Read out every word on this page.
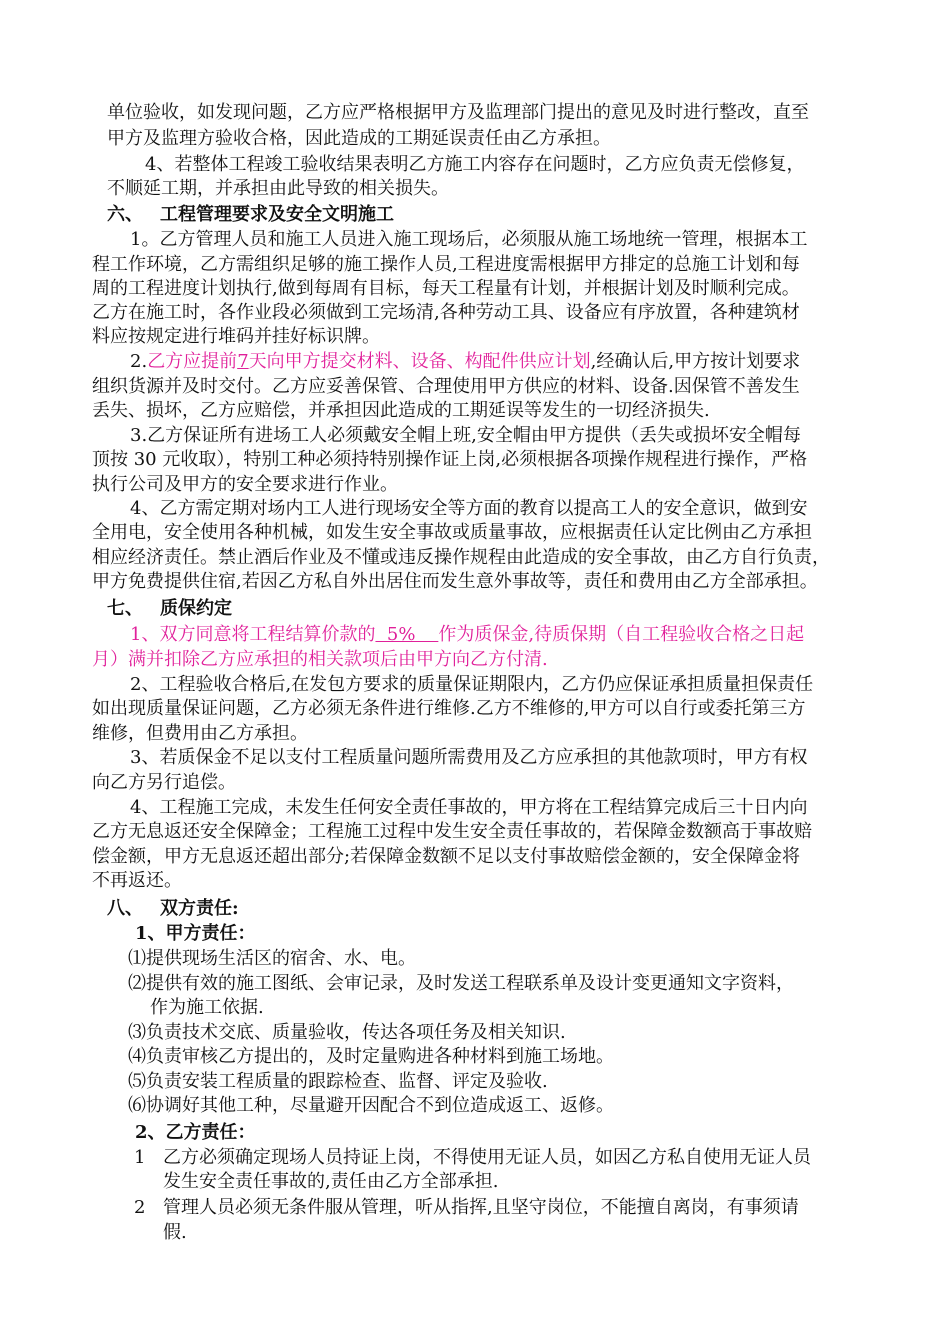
单位验收，如发现问题，乙方应严格根据甲方及监理部门提出的意见及时进行整改，直至
甲方及监理方验收合格，因此造成的工期延误责任由乙方承担。
4、若整体工程竣工验收结果表明乙方施工内容存在问题时，乙方应负责无偿修复，
不顺延工期，并承担由此导致的相关损失。
六、 工程管理要求及安全文明施工
1。乙方管理人员和施工人员进入施工现场后，必须服从施工场地统一管理，根据本工
程工作环境，乙方需组织足够的施工操作人员,工程进度需根据甲方排定的总施工计划和每
周的工程进度计划执行,做到每周有目标，每天工程量有计划，并根据计划及时顺利完成。
乙方在施工时，各作业段必须做到工完场清,各种劳动工具、设备应有序放置，各种建筑材
料应按规定进行堆码并挂好标识牌。
2.乙方应提前7天向甲方提交材料、设备、构配件供应计划,经确认后,甲方按计划要求
组织货源并及时交付。乙方应妥善保管、合理使用甲方供应的材料、设备.因保管不善发生
丢失、损坏，乙方应赔偿，并承担因此造成的工期延误等发生的一切经济损失.
3.乙方保证所有进场工人必须戴安全帽上班,安全帽由甲方提供（丢失或损坏安全帽每
顶按 30 元收取），特别工种必须持特别操作证上岗,必须根据各项操作规程进行操作，严格
执行公司及甲方的安全要求进行作业。
4、乙方需定期对场内工人进行现场安全等方面的教育以提高工人的安全意识，做到安
全用电，安全使用各种机械，如发生安全事故或质量事故，应根据责任认定比例由乙方承担
相应经济责任。禁止酒后作业及不懂或违反操作规程由此造成的安全事故，由乙方自行负责，
甲方免费提供住宿,若因乙方私自外出居住而发生意外事故等，责任和费用由乙方全部承担。
七、 质保约定
1、双方同意将工程结算价款的  5%    作为质保金,待质保期（自工程验收合格之日起
月）满并扣除乙方应承担的相关款项后由甲方向乙方付清.
2、工程验收合格后,在发包方要求的质量保证期限内，乙方仍应保证承担质量担保责任
如出现质量保证问题，乙方必须无条件进行维修.乙方不维修的,甲方可以自行或委托第三方
维修，但费用由乙方承担。
3、若质保金不足以支付工程质量问题所需费用及乙方应承担的其他款项时，甲方有权
向乙方另行追偿。
4、工程施工完成，未发生任何安全责任事故的，甲方将在工程结算完成后三十日内向
乙方无息返还安全保障金；工程施工过程中发生安全责任事故的，若保障金数额高于事故赔
偿金额，甲方无息返还超出部分;若保障金数额不足以支付事故赔偿金额的，安全保障金将
不再返还。
八、 双方责任:
1、甲方责任：
⑴提供现场生活区的宿舍、水、电。
⑵提供有效的施工图纸、会审记录，及时发送工程联系单及设计变更通知文字资料，
作为施工依据.
⑶负责技术交底、质量验收，传达各项任务及相关知识.
⑷负责审核乙方提出的，及时定量购进各种材料到施工场地。
⑸负责安装工程质量的跟踪检查、监督、评定及验收.
⑹协调好其他工种，尽量避开因配合不到位造成返工、返修。
2、乙方责任：
1 乙方必须确定现场人员持证上岗，不得使用无证人员，如因乙方私自使用无证人员
发生安全责任事故的,责任由乙方全部承担.
2 管理人员必须无条件服从管理，听从指挥,且坚守岗位，不能擅自离岗，有事须请
假.
